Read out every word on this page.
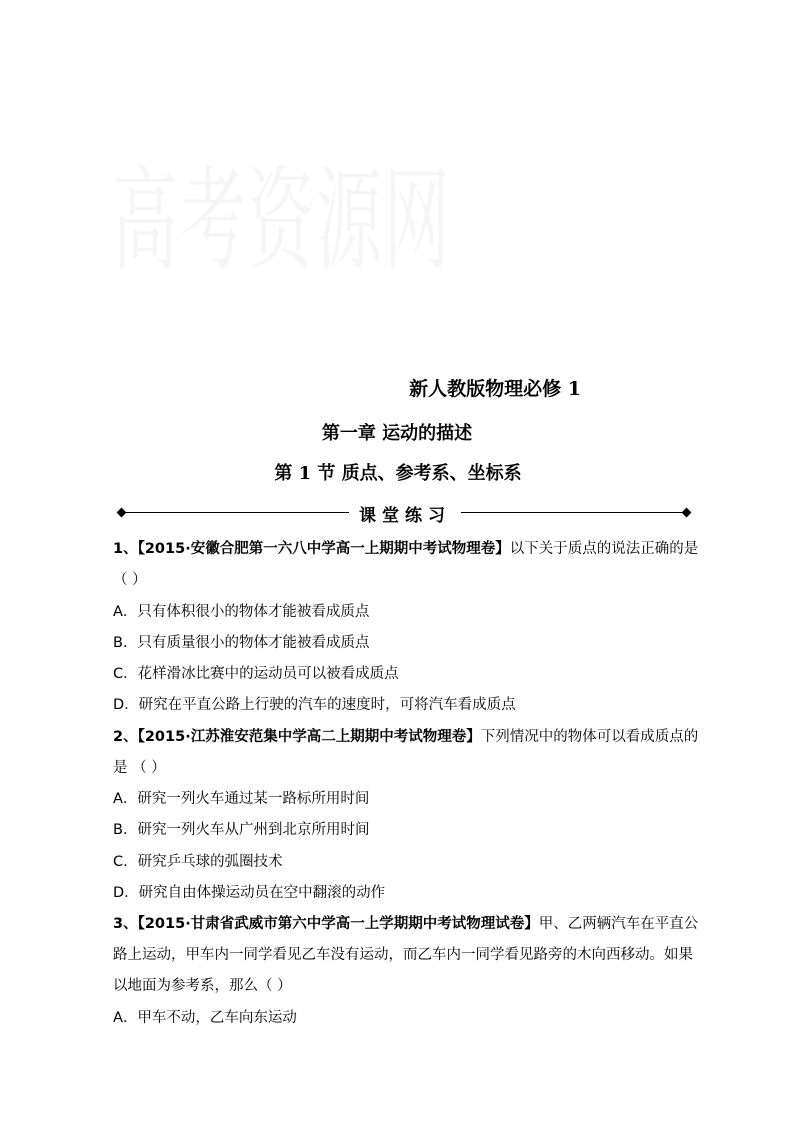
新人教版物理必修 1
第一章 运动的描述
第 1 节 质点、参考系、坐标系
课堂练习
1、【2015·安徽合肥第一六八中学高一上期期中考试物理卷】以下关于质点的说法正确的是
（ ）
A．只有体积很小的物体才能被看成质点
B．只有质量很小的物体才能被看成质点
C．花样滑冰比赛中的运动员可以被看成质点
D．研究在平直公路上行驶的汽车的速度时，可将汽车看成质点
2、【2015·江苏淮安范集中学高二上期期中考试物理卷】下列情况中的物体可以看成质点的
是 （ ）
A．研究一列火车通过某一路标所用时间
B．研究一列火车从广州到北京所用时间
C．研究乒乓球的弧圈技术
D．研究自由体操运动员在空中翻滚的动作
3、【2015·甘肃省武威市第六中学高一上学期期中考试物理试卷】甲、乙两辆汽车在平直公
路上运动，甲车内一同学看见乙车没有运动，而乙车内一同学看见路旁的木向西移动。如果
以地面为参考系，那么（ ）
A．甲车不动，乙车向东运动
